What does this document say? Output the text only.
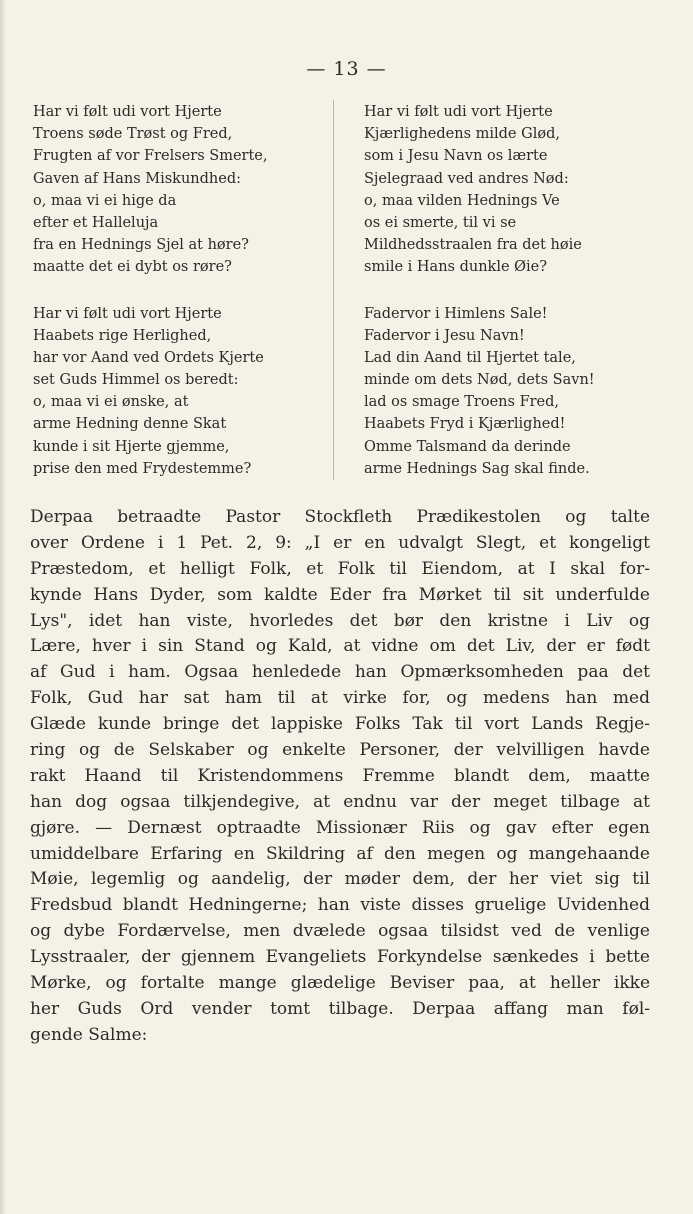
— 13 —
Har vi følt udi vort Hjerte
Troens søde Trøst og Fred,
Frugten af vor Frelsers Smerte,
Gaven af Hans Miskundhed:
o, maa vi ei hige da
efter et Halleluja
fra en Hednings Sjel at høre?
maatte det ei dybt os røre?
Har vi følt udi vort Hjerte
Haabets rige Herlighed,
har vor Aand ved Ordets Kjerte
set Guds Himmel os beredt:
o, maa vi ei ønske, at
arme Hedning denne Skat
kunde i sit Hjerte gjemme,
prise den med Frydestemme?
Har vi følt udi vort Hjerte
Kjærlighedens milde Glød,
som i Jesu Navn os lærte
Sjelegraad ved andres Nød:
o, maa vilden Hednings Ve
os ei smerte, til vi se
Mildhedsstraalen fra det høie
smile i Hans dunkle Øie?
Fadervor i Himlens Sale!
Fadervor i Jesu Navn!
Lad din Aand til Hjertet tale,
minde om dets Nød, dets Savn!
lad os smage Troens Fred,
Haabets Fryd i Kjærlighed!
Omme Talsmand da derinde
arme Hednings Sag skal finde.
Derpaa betraadte Pastor Stockfleth Prædikestolen og talte
over Ordene i 1 Pet. 2, 9: „I er en udvalgt Slegt, et kongeligt
Præstedom, et helligt Folk, et Folk til Eiendom, at I skal for-
kynde Hans Dyder, som kaldte Eder fra Mørket til sit underfulde
Lys", idet han viste, hvorledes det bør den kristne i Liv og
Lære, hver i sin Stand og Kald, at vidne om det Liv, der er født
af Gud i ham. Ogsaa henledede han Opmærksomheden paa det
Folk, Gud har sat ham til at virke for, og medens han med
Glæde kunde bringe det lappiske Folks Tak til vort Lands Regje-
ring og de Selskaber og enkelte Personer, der velvilligen havde
rakt Haand til Kristendommens Fremme blandt dem, maatte
han dog ogsaa tilkjendegive, at endnu var der meget tilbage at
gjøre. — Dernæst optraadte Missionær Riis og gav efter egen
umiddelbare Erfaring en Skildring af den megen og mangehaande
Møie, legemlig og aandelig, der møder dem, der her viet sig til
Fredsbud blandt Hedningerne; han viste disses gruelige Uvidenhed
og dybe Fordærvelse, men dvælede ogsaa tilsidst ved de venlige
Lysstraaler, der gjennem Evangeliets Forkyndelse sænkedes i bette
Mørke, og fortalte mange glædelige Beviser paa, at heller ikke
her Guds Ord vender tomt tilbage. Derpaa affang man føl-
gende Salme:
